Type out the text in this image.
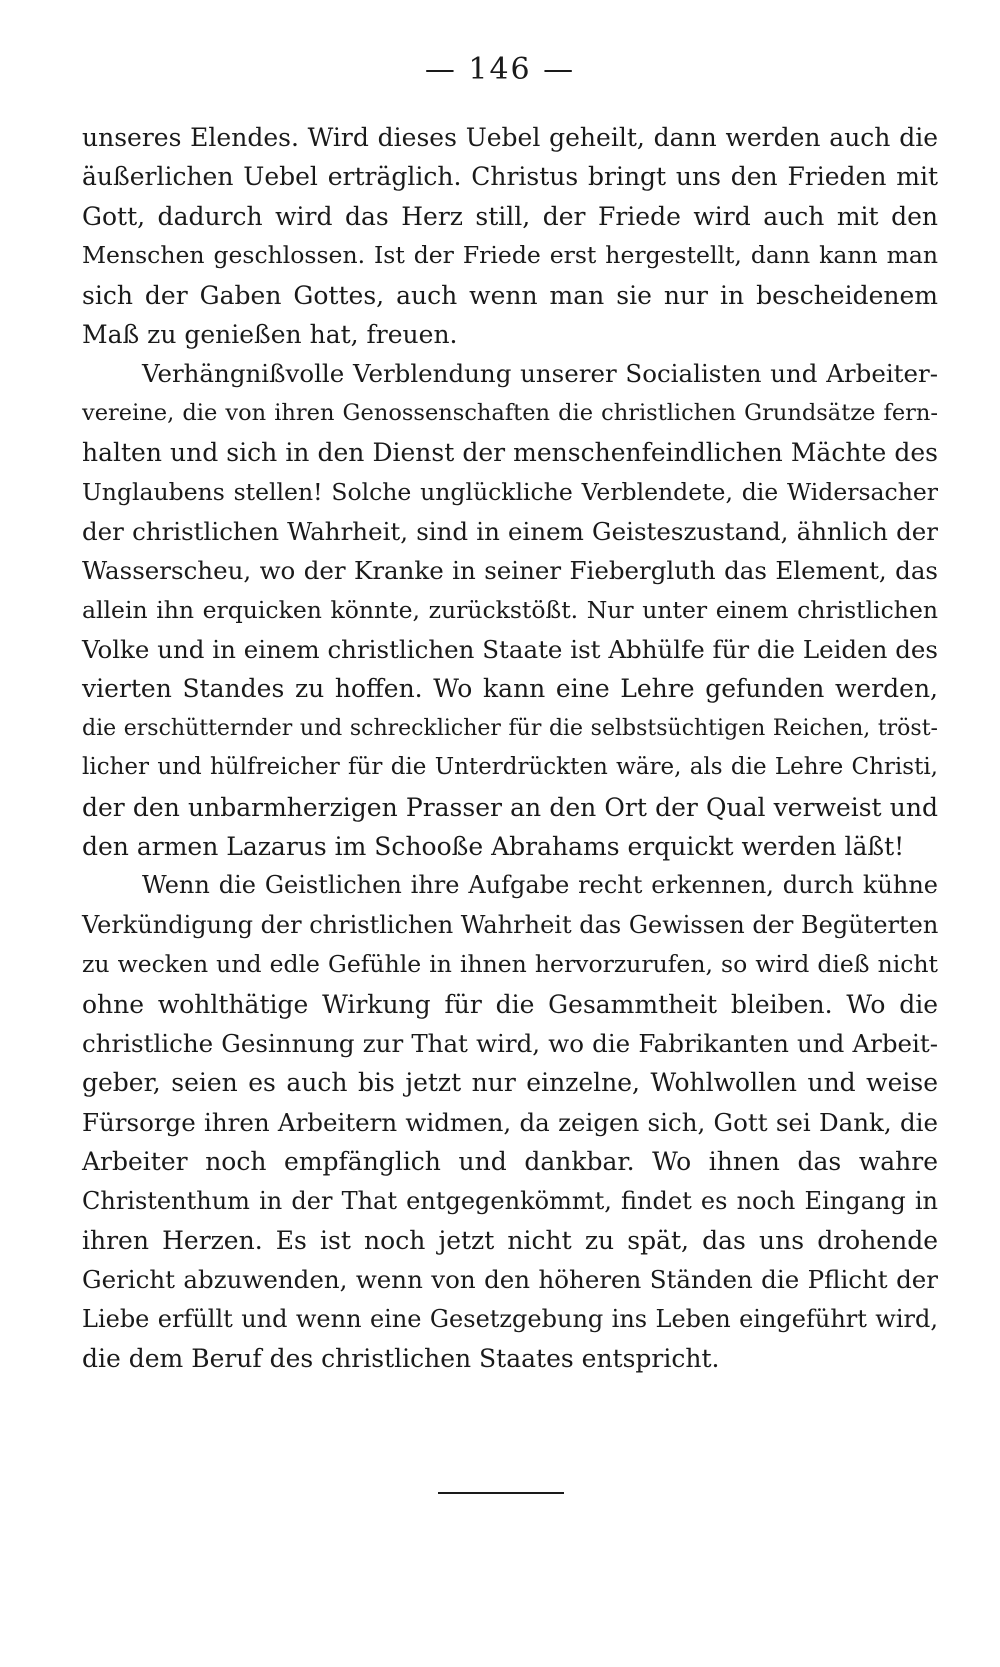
— 146 —
unseres Elendes. Wird dieses Uebel geheilt, dann werden auch die
äußerlichen Uebel erträglich. Christus bringt uns den Frieden mit
Gott, dadurch wird das Herz still, der Friede wird auch mit den
Menschen geschlossen. Ist der Friede erst hergestellt, dann kann man
sich der Gaben Gottes, auch wenn man sie nur in bescheidenem
Maß zu genießen hat, freuen.
Verhängnißvolle Verblendung unserer Socialisten und Arbeiter-
vereine, die von ihren Genossenschaften die christlichen Grundsätze fern-
halten und sich in den Dienst der menschenfeindlichen Mächte des
Unglaubens stellen! Solche unglückliche Verblendete, die Widersacher
der christlichen Wahrheit, sind in einem Geisteszustand, ähnlich der
Wasserscheu, wo der Kranke in seiner Fiebergluth das Element, das
allein ihn erquicken könnte, zurückstößt. Nur unter einem christlichen
Volke und in einem christlichen Staate ist Abhülfe für die Leiden des
vierten Standes zu hoffen. Wo kann eine Lehre gefunden werden,
die erschütternder und schrecklicher für die selbstsüchtigen Reichen, tröst-
licher und hülfreicher für die Unterdrückten wäre, als die Lehre Christi,
der den unbarmherzigen Prasser an den Ort der Qual verweist und
den armen Lazarus im Schooße Abrahams erquickt werden läßt!
Wenn die Geistlichen ihre Aufgabe recht erkennen, durch kühne
Verkündigung der christlichen Wahrheit das Gewissen der Begüterten
zu wecken und edle Gefühle in ihnen hervorzurufen, so wird dieß nicht
ohne wohlthätige Wirkung für die Gesammtheit bleiben. Wo die
christliche Gesinnung zur That wird, wo die Fabrikanten und Arbeit-
geber, seien es auch bis jetzt nur einzelne, Wohlwollen und weise
Fürsorge ihren Arbeitern widmen, da zeigen sich, Gott sei Dank, die
Arbeiter noch empfänglich und dankbar. Wo ihnen das wahre
Christenthum in der That entgegenkömmt, findet es noch Eingang in
ihren Herzen. Es ist noch jetzt nicht zu spät, das uns drohende
Gericht abzuwenden, wenn von den höheren Ständen die Pflicht der
Liebe erfüllt und wenn eine Gesetzgebung ins Leben eingeführt wird,
die dem Beruf des christlichen Staates entspricht.
